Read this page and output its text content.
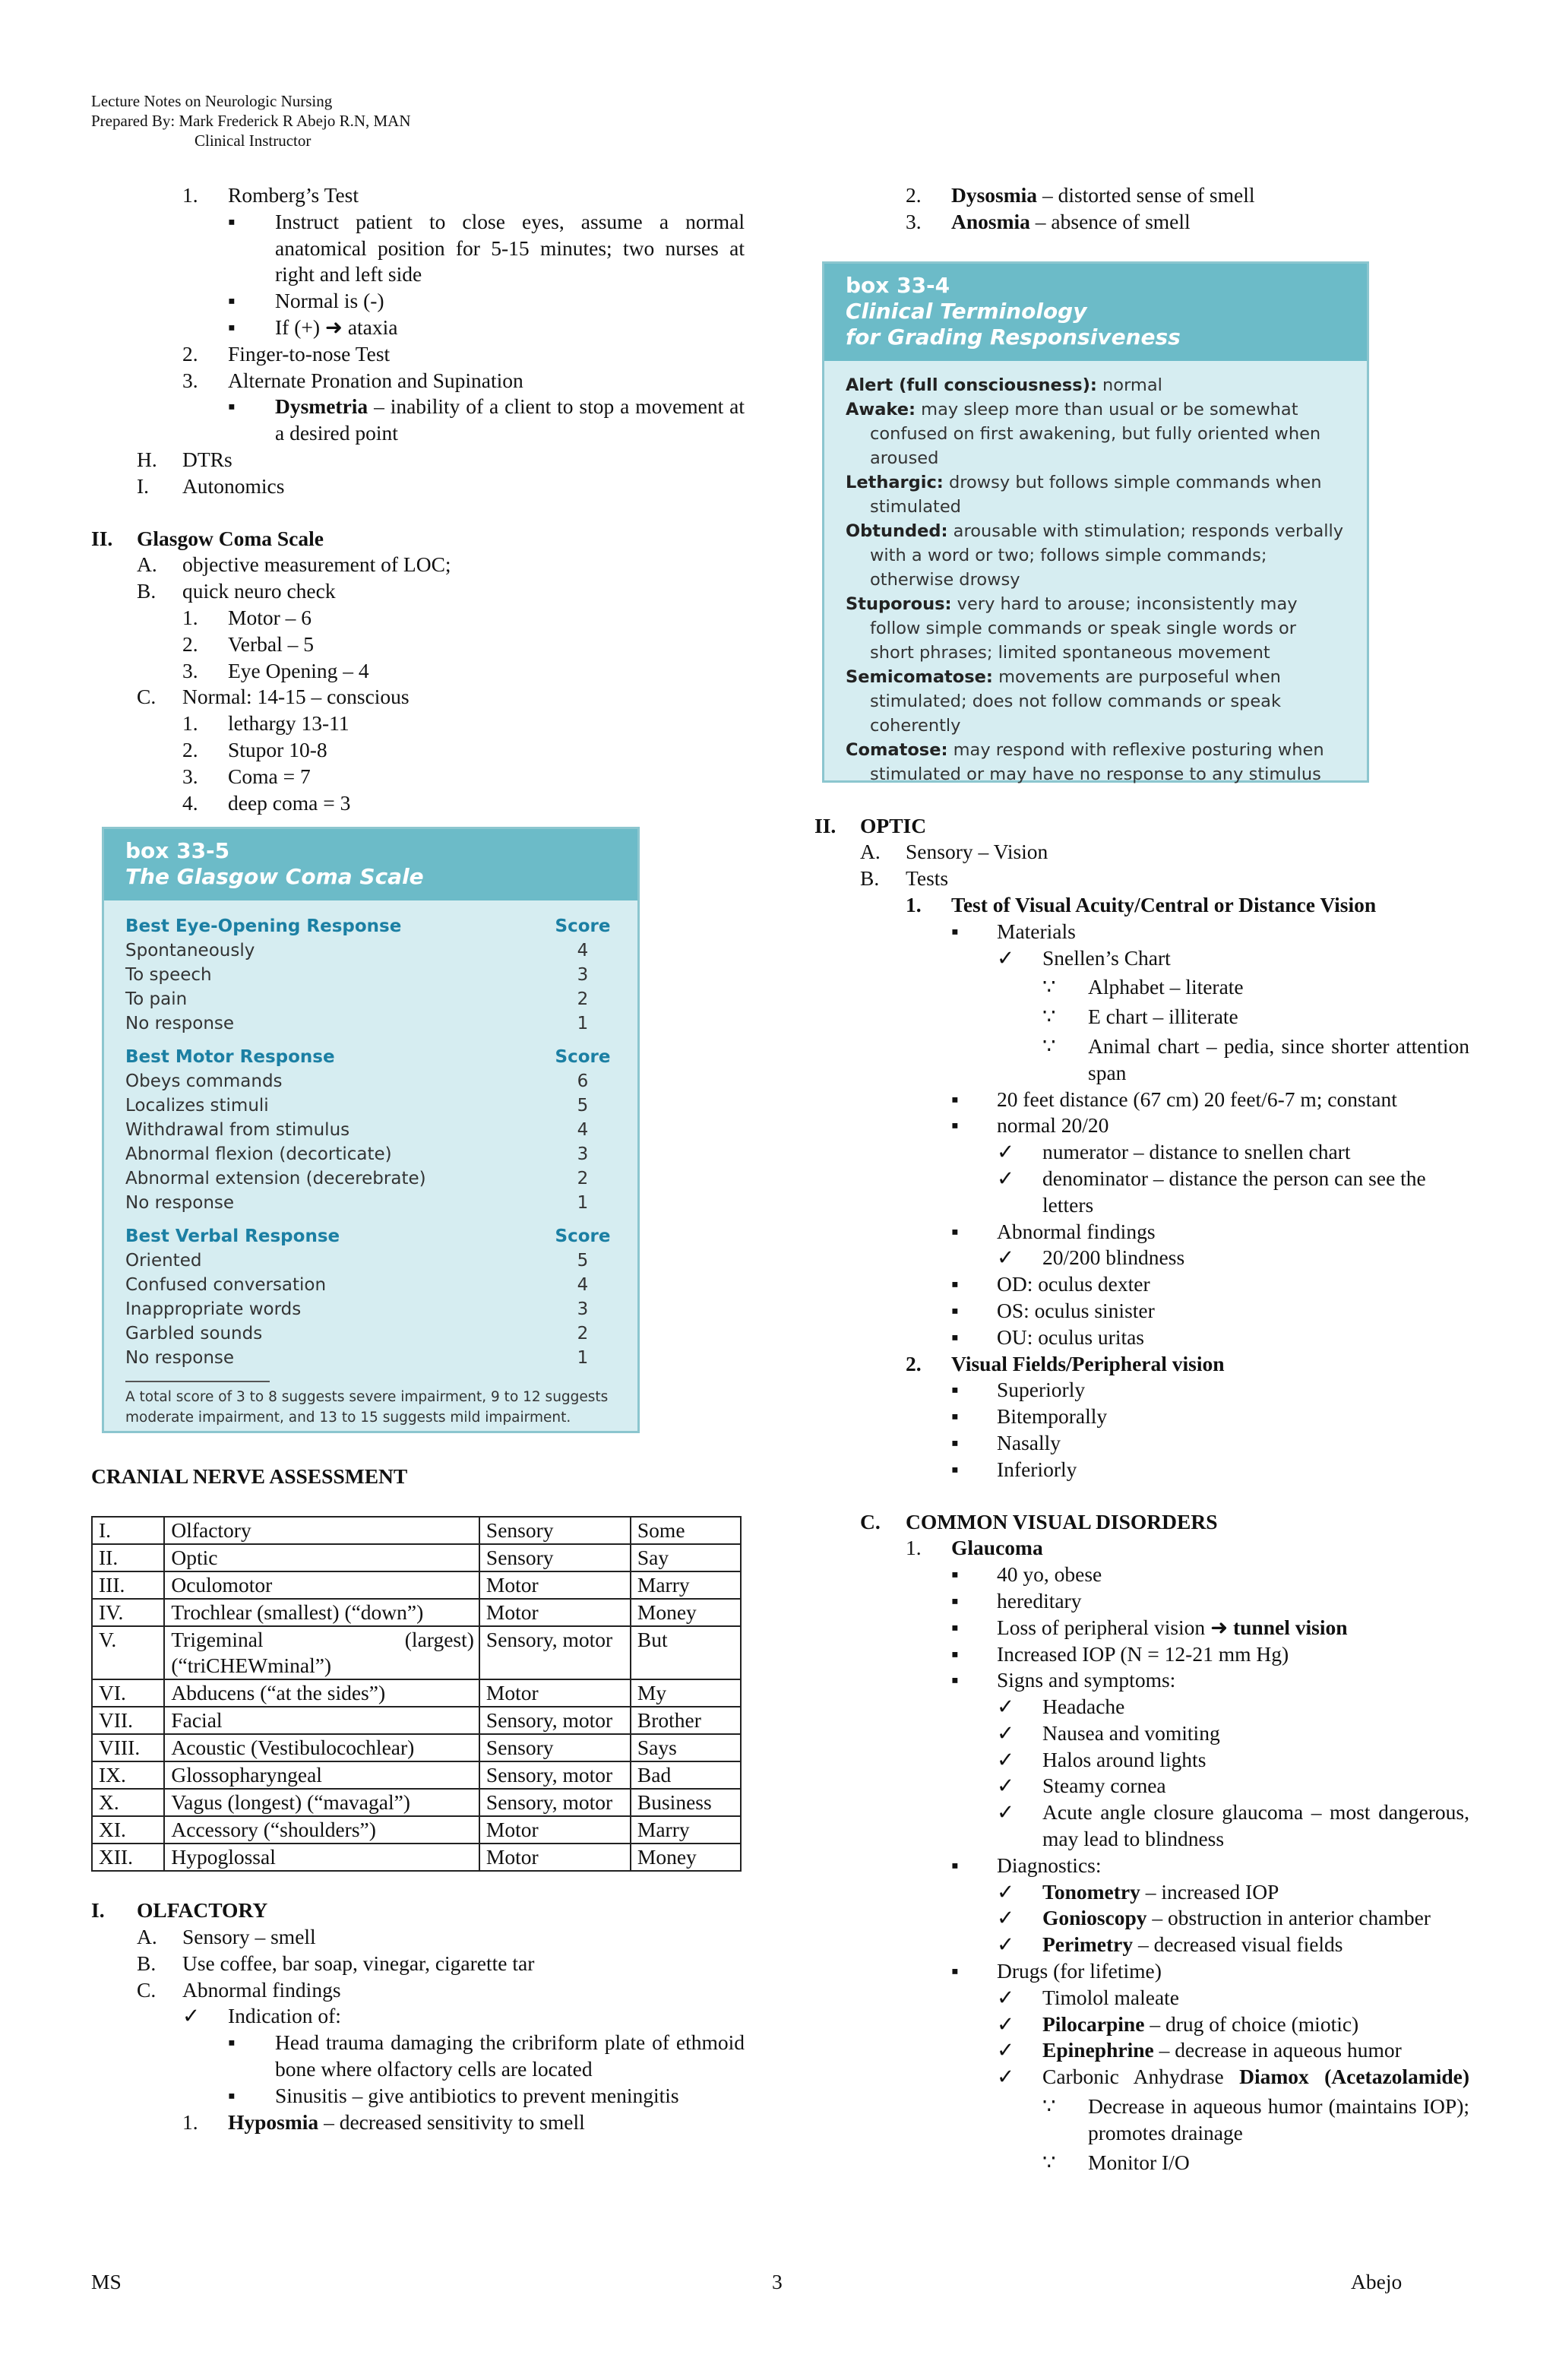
Lecture Notes on Neurologic Nursing
Prepared By: Mark Frederick R Abejo R.N, MAN
Clinical Instructor
1.	Romberg’s Test
▪	Instruct patient to close eyes, assume a normal anatomical position for 5-15 minutes; two nurses at right and left side
▪	Normal is (-)
▪	If (+) ➜ ataxia
2.	Finger-to-nose Test
3.	Alternate Pronation and Supination
▪	Dysmetria – inability of a client to stop a movement at a desired point
H.	DTRs
I.	Autonomics
II.	Glasgow Coma Scale
A.	objective measurement of LOC;
B.	quick neuro check
1.	Motor – 6
2.	Verbal – 5
3.	Eye Opening – 4
C.	Normal: 14-15 – conscious
1.	lethargy 13-11
2.	Stupor 10-8
3.	Coma = 7
4.	deep coma = 3
box 33-5
The Glasgow Coma Scale
Best Eye-Opening Response	Score
Spontaneously	4
To speech	3
To pain	2
No response	1
Best Motor Response	Score
Obeys commands	6
Localizes stimuli	5
Withdrawal from stimulus	4
Abnormal flexion (decorticate)	3
Abnormal extension (decerebrate)	2
No response	1
Best Verbal Response	Score
Oriented	5
Confused conversation	4
Inappropriate words	3
Garbled sounds	2
No response	1
A total score of 3 to 8 suggests severe impairment, 9 to 12 suggests moderate impairment, and 13 to 15 suggests mild impairment.
CRANIAL NERVE ASSESSMENT
I.	Olfactory	Sensory	Some
II.	Optic	Sensory	Say
III.	Oculomotor	Motor	Marry
IV.	Trochlear (smallest) (“down”)	Motor	Money
V.	Trigeminal (largest) (“triCHEWminal”)	Sensory, motor	But
VI.	Abducens (“at the sides”)	Motor	My
VII.	Facial	Sensory, motor	Brother
VIII.	Acoustic (Vestibulocochlear)	Sensory	Says
IX.	Glossopharyngeal	Sensory, motor	Bad
X.	Vagus (longest) (“mavagal”)	Sensory, motor	Business
XI.	Accessory (“shoulders”)	Motor	Marry
XII.	Hypoglossal	Motor	Money
I.	OLFACTORY
A.	Sensory – smell
B.	Use coffee, bar soap, vinegar, cigarette tar
C.	Abnormal findings
✓	Indication of:
▪	Head trauma damaging the cribriform plate of ethmoid bone where olfactory cells are located
▪	Sinusitis – give antibiotics to prevent meningitis
1.	Hyposmia – decreased sensitivity to smell
2.	Dysosmia – distorted sense of smell
3.	Anosmia – absence of smell
box 33-4
Clinical Terminology
for Grading Responsiveness
Alert (full consciousness): normal
Awake: may sleep more than usual or be somewhat confused on first awakening, but fully oriented when aroused
Lethargic: drowsy but follows simple commands when stimulated
Obtunded: arousable with stimulation; responds verbally with a word or two; follows simple commands; otherwise drowsy
Stuporous: very hard to arouse; inconsistently may follow simple commands or speak single words or short phrases; limited spontaneous movement
Semicomatose: movements are purposeful when stimulated; does not follow commands or speak coherently
Comatose: may respond with reflexive posturing when stimulated or may have no response to any stimulus
II.	OPTIC
A.	Sensory – Vision
B.	Tests
1.	Test of Visual Acuity/Central or Distance Vision
▪	Materials
✓	Snellen’s Chart
∵	Alphabet – literate
∵	E chart – illiterate
∵	Animal chart – pedia, since shorter attention span
▪	20 feet distance (67 cm) 20 feet/6-7 m; constant
▪	normal 20/20
✓	numerator – distance to snellen chart
✓	denominator – distance the person can see the letters
▪	Abnormal findings
✓	20/200 blindness
▪	OD: oculus dexter
▪	OS: oculus sinister
▪	OU: oculus uritas
2.	Visual Fields/Peripheral vision
▪	Superiorly
▪	Bitemporally
▪	Nasally
▪	Inferiorly
C.	COMMON VISUAL DISORDERS
1.	Glaucoma
▪	40 yo, obese
▪	hereditary
▪	Loss of peripheral vision ➜ tunnel vision
▪	Increased IOP (N = 12-21 mm Hg)
▪	Signs and symptoms:
✓	Headache
✓	Nausea and vomiting
✓	Halos around lights
✓	Steamy cornea
✓	Acute angle closure glaucoma – most dangerous, may lead to blindness
▪	Diagnostics:
✓	Tonometry – increased IOP
✓	Gonioscopy – obstruction in anterior chamber
✓	Perimetry – decreased visual fields
▪	Drugs (for lifetime)
✓	Timolol maleate
✓	Pilocarpine – drug of choice (miotic)
✓	Epinephrine – decrease in aqueous humor
✓	Carbonic Anhydrase Diamox (Acetazolamide)
∵	Decrease in aqueous humor (maintains IOP); promotes drainage
∵	Monitor I/O
MS	3	Abejo
